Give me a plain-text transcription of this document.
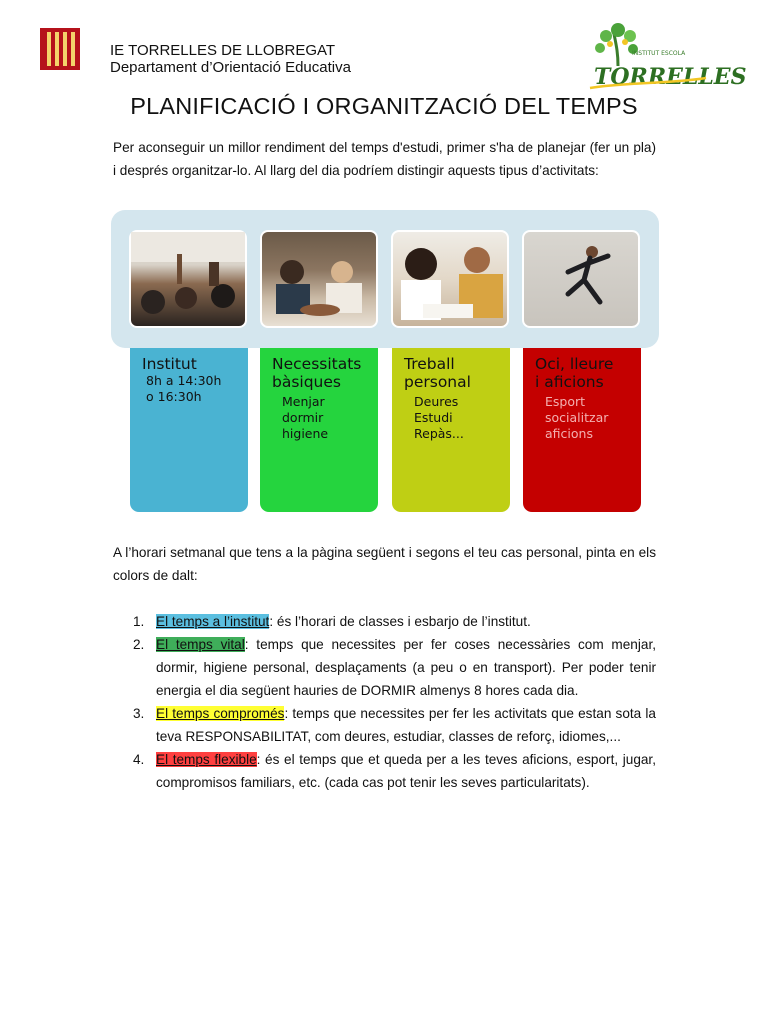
IE TORRELLES DE LLOBREGAT
Departament d’Orientació Educativa
INSTITUT ESCOLA
TORRELLES
PLANIFICACIÓ I ORGANITZACIÓ DEL TEMPS
Per aconseguir un millor rendiment del temps d'estudi, primer s'ha de planejar (fer un pla) i després organitzar-lo. Al llarg del dia podríem distingir aquests tipus d’activitats:
Institut
8h a 14:30h
o 16:30h
Necessitats
bàsiques
Menjar
dormir
higiene
Treball
personal
Deures
Estudi
Repàs...
Oci, lleure
i aficions
Esport
socialitzar
aficions
A l’horari setmanal que tens a la pàgina següent i segons el teu cas personal, pinta en els colors de dalt:
1. El temps a l’institut: és l’horari de classes i esbarjo de l’institut.
2. El temps vital: temps que necessites per fer coses necessàries com menjar, dormir, higiene personal, desplaçaments (a peu o en transport). Per poder tenir energia el dia següent hauries de DORMIR almenys 8 hores cada dia.
3. El temps compromés: temps que necessites per fer les activitats que estan sota la teva RESPONSABILITAT, com deures, estudiar, classes de reforç, idiomes,...
4. El temps flexible: és el temps que et queda per a les teves aficions, esport, jugar, compromisos familiars, etc. (cada cas pot tenir les seves particularitats).
